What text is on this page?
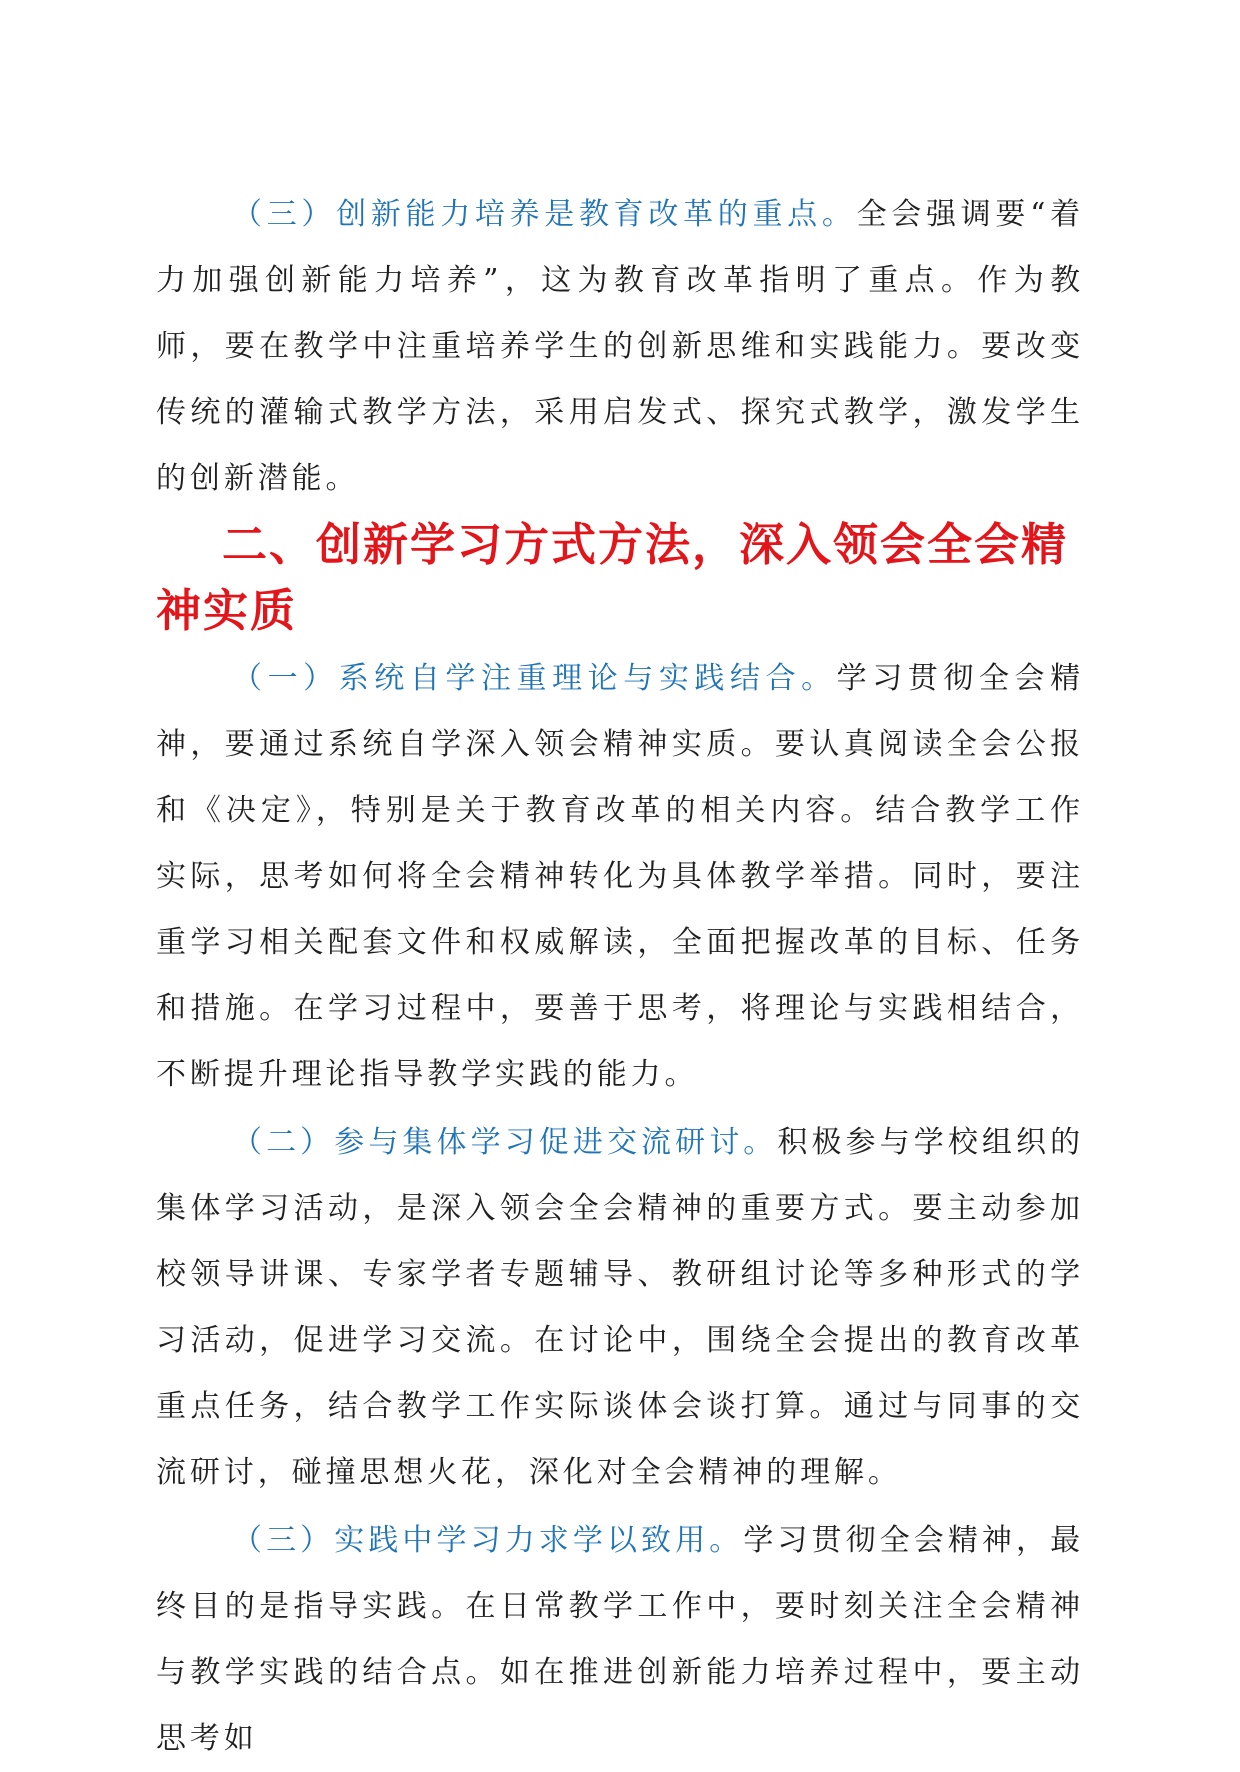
（三）创新能力培养是教育改革的重点。全会强调要“着力加强创新能力培养”，这为教育改革指明了重点。作为教师，要在教学中注重培养学生的创新思维和实践能力。要改变传统的灌输式教学方法，采用启发式、探究式教学，激发学生的创新潜能。

二、创新学习方式方法，深入领会全会精神实质

（一）系统自学注重理论与实践结合。学习贯彻全会精神，要通过系统自学深入领会精神实质。要认真阅读全会公报和《决定》，特别是关于教育改革的相关内容。结合教学工作实际，思考如何将全会精神转化为具体教学举措。同时，要注重学习相关配套文件和权威解读，全面把握改革的目标、任务和措施。在学习过程中，要善于思考，将理论与实践相结合，不断提升理论指导教学实践的能力。

（二）参与集体学习促进交流研讨。积极参与学校组织的集体学习活动，是深入领会全会精神的重要方式。要主动参加校领导讲课、专家学者专题辅导、教研组讨论等多种形式的学习活动，促进学习交流。在讨论中，围绕全会提出的教育改革重点任务，结合教学工作实际谈体会谈打算。通过与同事的交流研讨，碰撞思想火花，深化对全会精神的理解。

（三）实践中学习力求学以致用。学习贯彻全会精神，最终目的是指导实践。在日常教学工作中，要时刻关注全会精神与教学实践的结合点。如在推进创新能力培养过程中，要主动思考如
